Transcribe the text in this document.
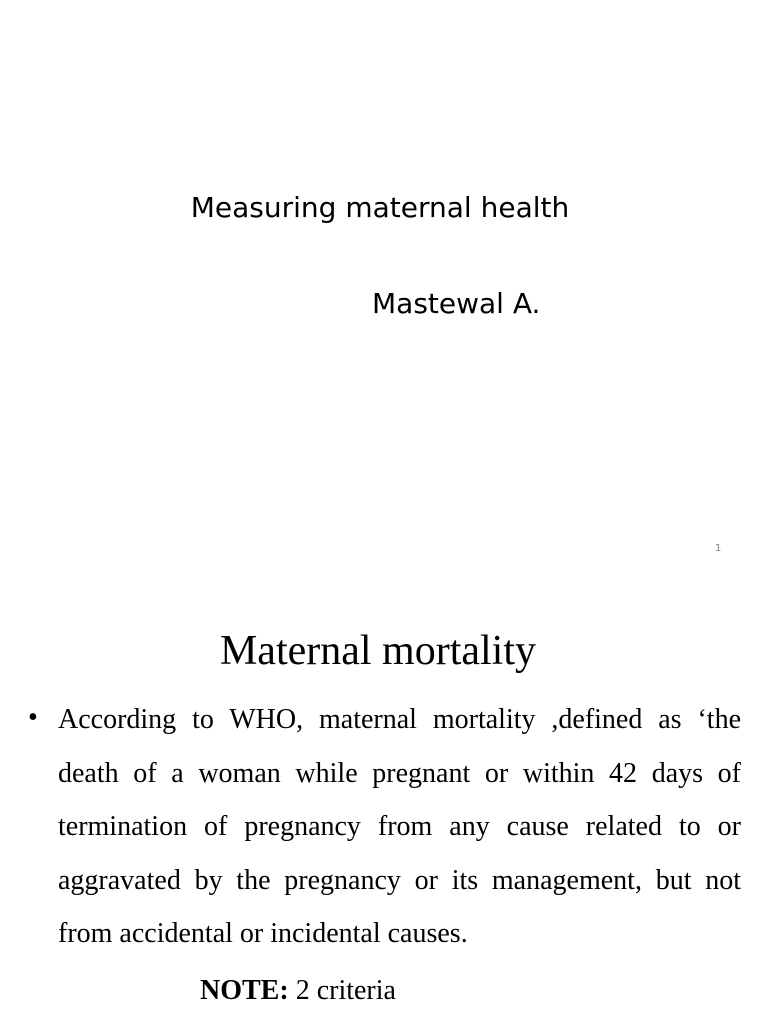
Measuring maternal health
Mastewal A.
1
Maternal mortality
• According to WHO, maternal mortality ,defined as ‘the death of a woman while pregnant or within 42 days of termination of pregnancy from any cause related to or aggravated by the pregnancy or its management, but not from accidental or incidental causes.

NOTE: 2 criteria
